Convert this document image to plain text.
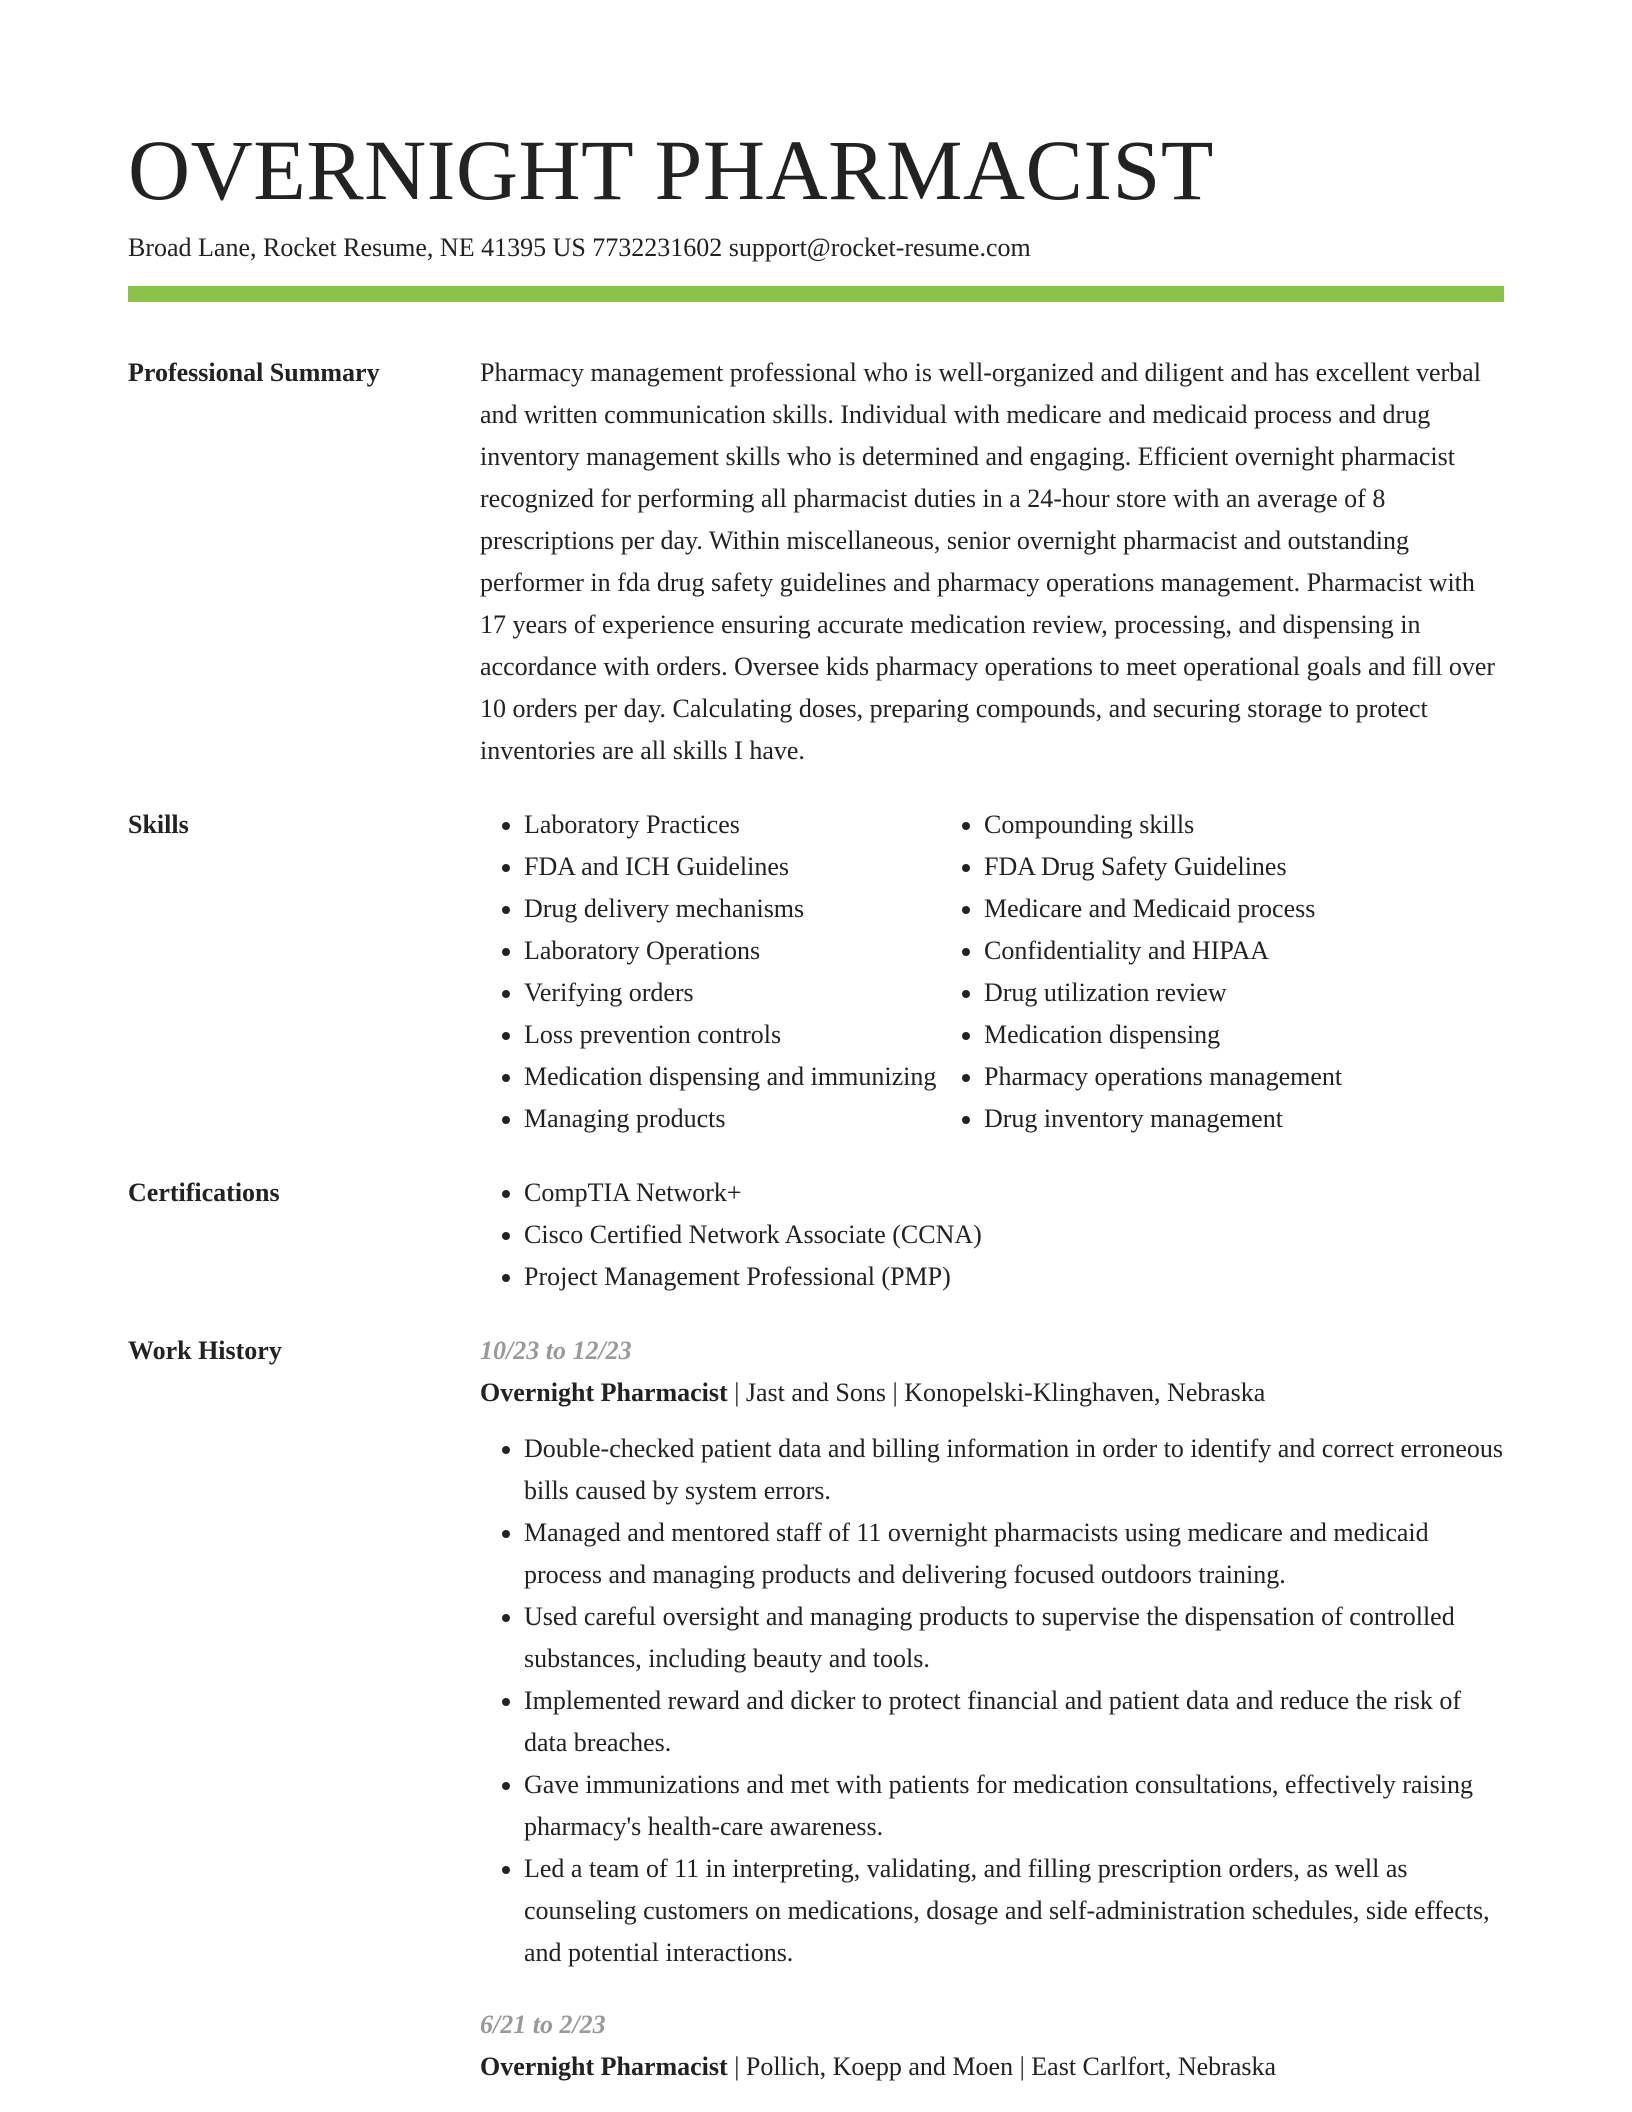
OVERNIGHT PHARMACIST
Broad Lane, Rocket Resume, NE 41395 US 7732231602 support@rocket-resume.com
Professional Summary	Pharmacy management professional who is well-organized and diligent and has excellent verbal and written communication skills. Individual with medicare and medicaid process and drug inventory management skills who is determined and engaging. Efficient overnight pharmacist recognized for performing all pharmacist duties in a 24-hour store with an average of 8 prescriptions per day. Within miscellaneous, senior overnight pharmacist and outstanding performer in fda drug safety guidelines and pharmacy operations management. Pharmacist with 17 years of experience ensuring accurate medication review, processing, and dispensing in accordance with orders. Oversee kids pharmacy operations to meet operational goals and fill over 10 orders per day. Calculating doses, preparing compounds, and securing storage to protect inventories are all skills I have.

Skills	• Laboratory Practices
• FDA and ICH Guidelines
• Drug delivery mechanisms
• Laboratory Operations
• Verifying orders
• Loss prevention controls
• Medication dispensing and immunizing
• Managing products
• Compounding skills
• FDA Drug Safety Guidelines
• Medicare and Medicaid process
• Confidentiality and HIPAA
• Drug utilization review
• Medication dispensing
• Pharmacy operations management
• Drug inventory management
Certifications	• CompTIA Network+
• Cisco Certified Network Associate (CCNA)
• Project Management Professional (PMP)
Work History	10/23 to 12/23
Overnight Pharmacist | Jast and Sons | Konopelski-Klinghaven, Nebraska
• Double-checked patient data and billing information in order to identify and correct erroneous bills caused by system errors.
• Managed and mentored staff of 11 overnight pharmacists using medicare and medicaid process and managing products and delivering focused outdoors training.
• Used careful oversight and managing products to supervise the dispensation of controlled substances, including beauty and tools.
• Implemented reward and dicker to protect financial and patient data and reduce the risk of data breaches.
• Gave immunizations and met with patients for medication consultations, effectively raising pharmacy's health-care awareness.
• Led a team of 11 in interpreting, validating, and filling prescription orders, as well as counseling customers on medications, dosage and self-administration schedules, side effects, and potential interactions.
6/21 to 2/23
Overnight Pharmacist | Pollich, Koepp and Moen | East Carlfort, Nebraska
